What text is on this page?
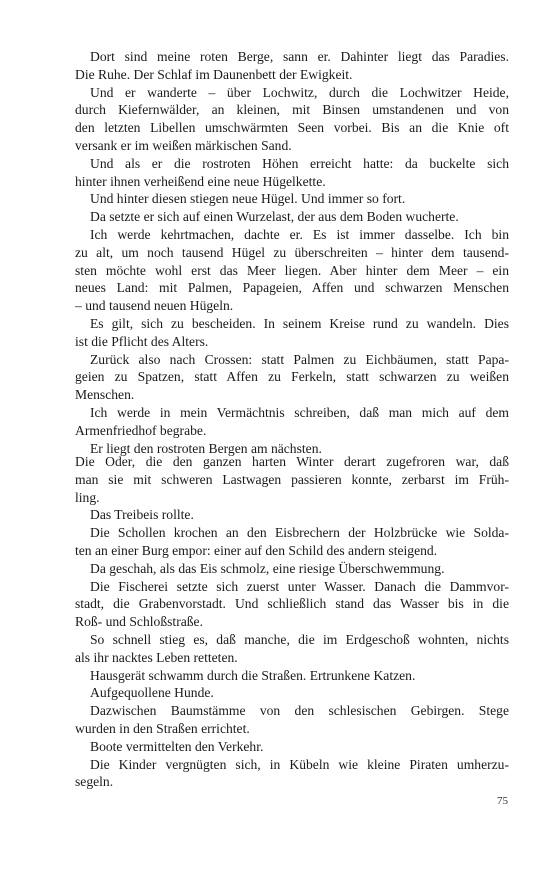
Dort sind meine roten Berge, sann er. Dahinter liegt das Paradies.
Die Ruhe. Der Schlaf im Daunenbett der Ewigkeit.

Und er wanderte – über Lochwitz, durch die Lochwitzer Heide,
durch Kiefernwälder, an kleinen, mit Binsen umstandenen und von
den letzten Libellen umschwärmten Seen vorbei. Bis an die Knie oft
versank er im weißen märkischen Sand.

Und als er die rostroten Höhen erreicht hatte: da buckelte sich
hinter ihnen verheißend eine neue Hügelkette.

Und hinter diesen stiegen neue Hügel. Und immer so fort.

Da setzte er sich auf einen Wurzelast, der aus dem Boden wucherte.

Ich werde kehrtmachen, dachte er. Es ist immer dasselbe. Ich bin
zu alt, um noch tausend Hügel zu überschreiten – hinter dem tausend-
sten möchte wohl erst das Meer liegen. Aber hinter dem Meer – ein
neues Land: mit Palmen, Papageien, Affen und schwarzen Menschen
– und tausend neuen Hügeln.

Es gilt, sich zu bescheiden. In seinem Kreise rund zu wandeln. Dies
ist die Pflicht des Alters.

Zurück also nach Crossen: statt Palmen zu Eichbäumen, statt Papa-
geien zu Spatzen, statt Affen zu Ferkeln, statt schwarzen zu weißen
Menschen.

Ich werde in mein Vermächtnis schreiben, daß man mich auf dem
Armenfriedhof begrabe.

Er liegt den rostroten Bergen am nächsten.

Die Oder, die den ganzen harten Winter derart zugefroren war, daß
man sie mit schweren Lastwagen passieren konnte, zerbarst im Früh-
ling.

Das Treibeis rollte.

Die Schollen krochen an den Eisbrechern der Holzbrücke wie Solda-
ten an einer Burg empor: einer auf den Schild des andern steigend.

Da geschah, als das Eis schmolz, eine riesige Überschwemmung.

Die Fischerei setzte sich zuerst unter Wasser. Danach die Dammvor-
stadt, die Grabenvorstadt. Und schließlich stand das Wasser bis in die
Roß- und Schloßstraße.

So schnell stieg es, daß manche, die im Erdgeschoß wohnten, nichts
als ihr nacktes Leben retteten.

Hausgerät schwamm durch die Straßen. Ertrunkene Katzen.

Aufgequollene Hunde.

Dazwischen Baumstämme von den schlesischen Gebirgen. Stege
wurden in den Straßen errichtet.

Boote vermittelten den Verkehr.

Die Kinder vergnügten sich, in Kübeln wie kleine Piraten umherzu-
segeln.

75
